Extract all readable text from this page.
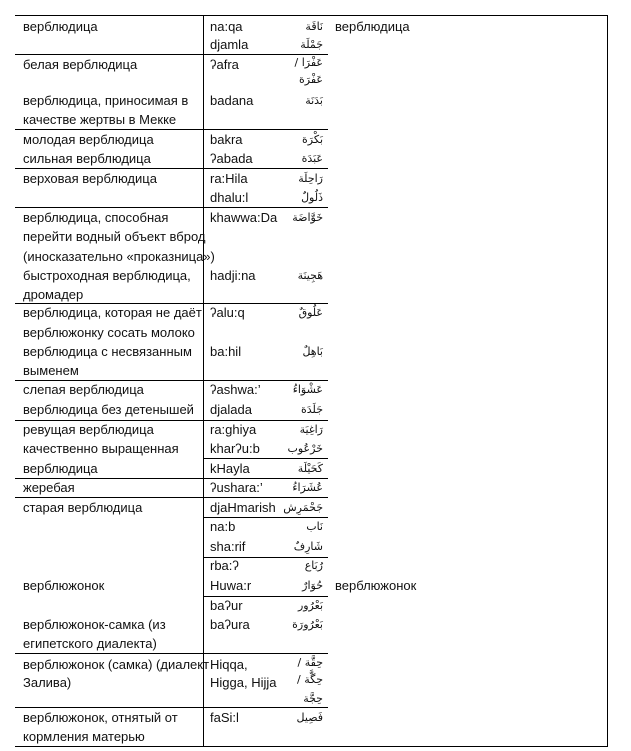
верблюдица
белая верблюдица
верблюдица, приносимая в
качестве жертвы в Мекке
молодая верблюдица
сильная верблюдица
верховая верблюдица
верблюдица, способная
перейти водный объект вброд
(иносказательно «проказница»)
быстроходная верблюдица,
дромадер
верблюдица, которая не даёт
верблюжонку сосать молоко
верблюдица с несвязанным
выменем
слепая верблюдица
верблюдица без детенышей
ревущая верблюдица
качественно выращенная
верблюдица
жеребая
старая верблюдица
верблюжонок
верблюжонок-самка (из
египетского диалекта)
верблюжонок (самка) (диалект
Залива)
верблюжонок, отнятый от
кормления матерью
na:qa
djamla
ʔafra
badana
bakra
ʔabada
ra:Hila
dhalu:l
khawwa:Da
hadji:na
ʔalu:q
ba:hil
ʔashwa:’
djalada
ra:ghiya
kharʔu:b
kHayla
ʔushara:’
djaHmarish
na:b
sha:rif
rba:ʔ
Huwa:r
baʔur
baʔura
Hiqqa,
Higga, Hijja
faSi:l
نَاقَة
جَمْلَة
عَفْرَا /
عَفْرَة
بَدَنَة
بَكْرَة
عَبَدَة
رَاحِلَة
ذَلُولٌ
خَوَّاضَة
هَجِينَة
عَلُوقٌ
بَاهِلٌ
عَشْوَاءُ
جَلَدَة
رَاغِيَة
خَرْعُوب
كَحَيْلَة
عُشَرَاءُ
جَحْمَرِش
نَاب
شَارِفٌ
رُبَاع
حُوَارٌ
بَعْرُور
بَعْرُورَة
حِقَّة /
حِگَّة /
حِجَّة
فَصِيل
верблюдица
верблюжонок
